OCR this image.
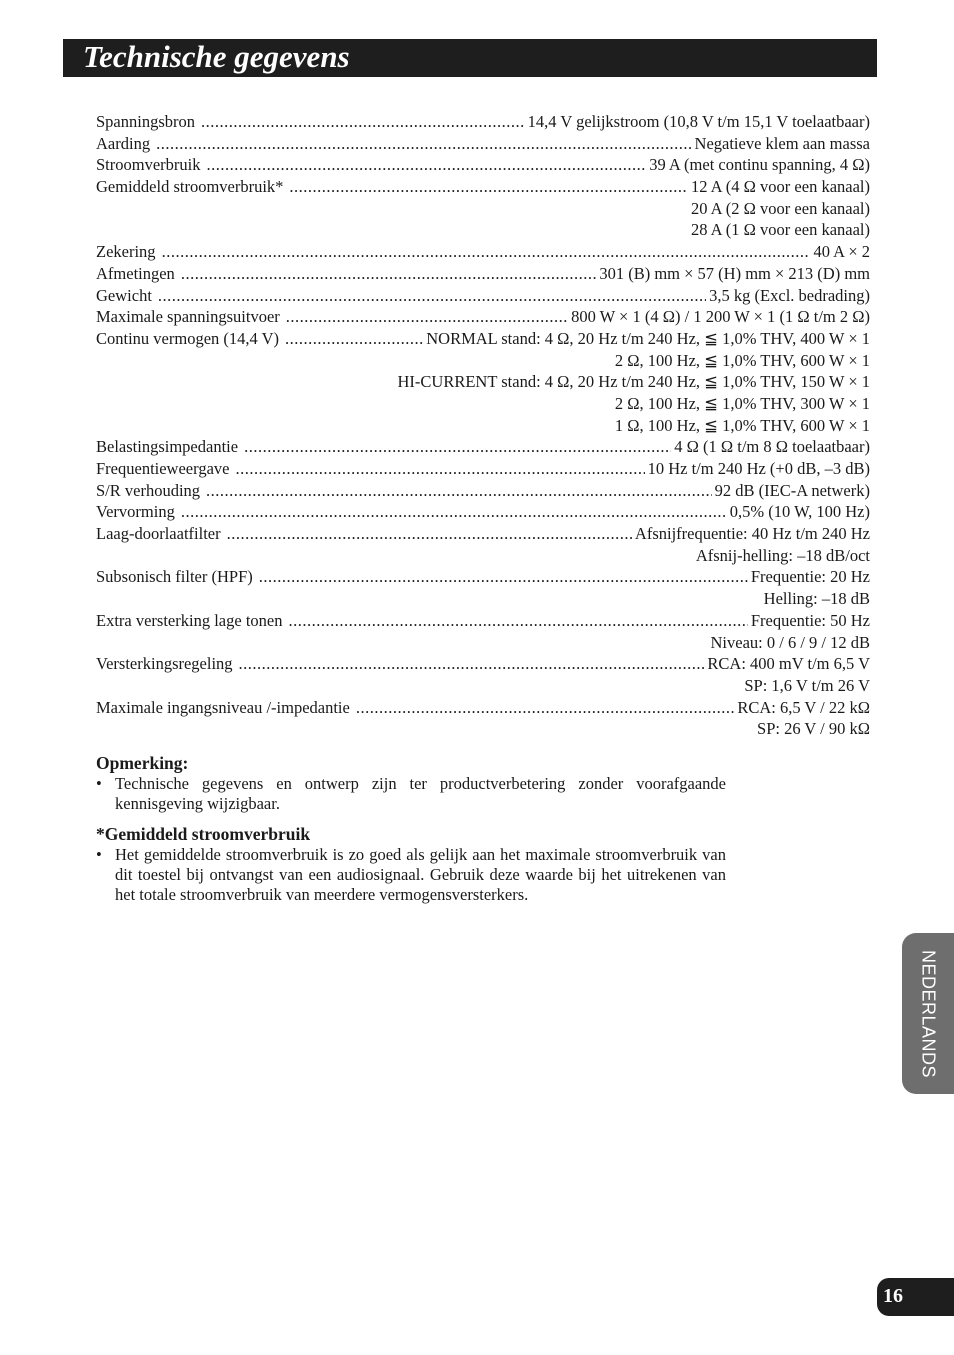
Technische gegevens
Spanningsbron .....	14,4 V gelijkstroom (10,8 V t/m 15,1 V toelaatbaar)
Aarding .....	Negatieve klem aan massa
Stroomverbruik .....	39 A (met continu spanning, 4 Ω)
Gemiddeld stroomverbruik* .....	12 A (4 Ω voor een kanaal)
20 A (2 Ω voor een kanaal)
28 A (1 Ω voor een kanaal)
Zekering .....	40 A × 2
Afmetingen .....	301 (B) mm × 57 (H) mm × 213 (D) mm
Gewicht .....	3,5 kg (Excl. bedrading)
Maximale spanningsuitvoer .....	800 W × 1 (4 Ω) / 1 200 W × 1 (1 Ω t/m 2 Ω)
Continu vermogen (14,4 V) .....	NORMAL stand: 4 Ω, 20 Hz t/m 240 Hz, ≦ 1,0% THV, 400 W × 1
2 Ω, 100 Hz, ≦ 1,0% THV, 600 W × 1
HI-CURRENT stand: 4 Ω, 20 Hz t/m 240 Hz, ≦ 1,0% THV, 150 W × 1
2 Ω, 100 Hz, ≦ 1,0% THV, 300 W × 1
1 Ω, 100 Hz, ≦ 1,0% THV, 600 W × 1
Belastingsimpedantie .....	4 Ω (1 Ω t/m 8 Ω toelaatbaar)
Frequentieweergave .....	10 Hz t/m 240 Hz (+0 dB, –3 dB)
S/R verhouding .....	92 dB (IEC-A netwerk)
Vervorming .....	0,5% (10 W, 100 Hz)
Laag-doorlaatfilter .....	Afsnijfrequentie: 40 Hz t/m 240 Hz
Afsnij-helling: –18 dB/oct
Subsonisch filter (HPF) .....	Frequentie: 20 Hz
Helling: –18 dB
Extra versterking lage tonen .....	Frequentie: 50 Hz
Niveau: 0 / 6 / 9 / 12 dB
Versterkingsregeling .....	RCA: 400 mV t/m 6,5 V
SP: 1,6 V t/m 26 V
Maximale ingangsniveau /-impedantie .....	RCA: 6,5 V / 22 kΩ
SP: 26 V / 90 kΩ
Opmerking:
• Technische gegevens en ontwerp zijn ter productverbetering zonder voorafgaande kennisgeving wijzigbaar.
*Gemiddeld stroomverbruik
• Het gemiddelde stroomverbruik is zo goed als gelijk aan het maximale stroomverbruik van dit toestel bij ontvangst van een audiosignaal. Gebruik deze waarde bij het uitrekenen van het totale stroomverbruik van meerdere vermogensversterkers.
NEDERLANDS
16
